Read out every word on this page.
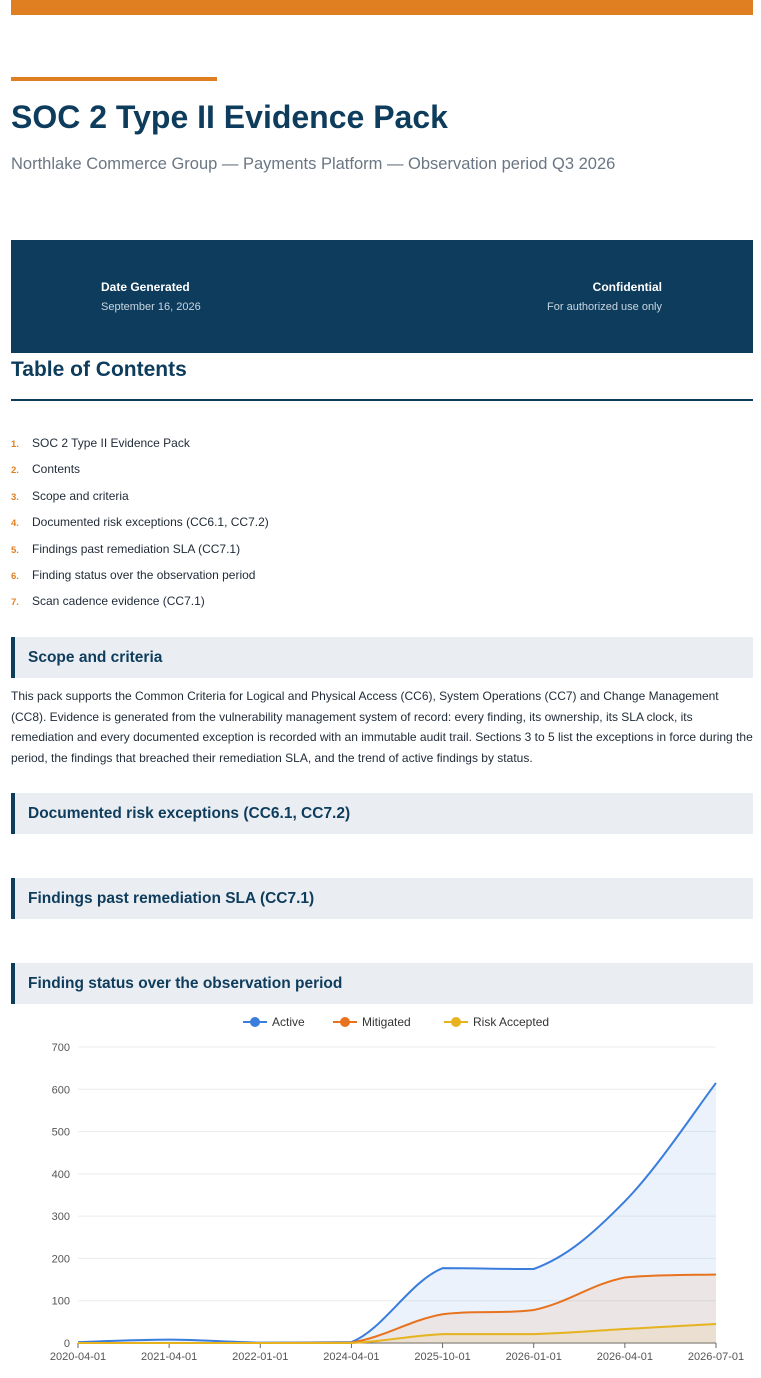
SOC 2 Type II Evidence Pack
Northlake Commerce Group — Payments Platform — Observation period Q3 2026
Date Generated
September 16, 2026
Confidential
For authorized use only
Table of Contents
1. SOC 2 Type II Evidence Pack
2. Contents
3. Scope and criteria
4. Documented risk exceptions (CC6.1, CC7.2)
5. Findings past remediation SLA (CC7.1)
6. Finding status over the observation period
7. Scan cadence evidence (CC7.1)
Scope and criteria

This pack supports the Common Criteria for Logical and Physical Access (CC6), System Operations (CC7) and Change Management (CC8). Evidence is generated from the vulnerability management system of record: every finding, its ownership, its SLA clock, its remediation and every documented exception is recorded with an immutable audit trail. Sections 3 to 5 list the exceptions in force during the period, the findings that breached their remediation SLA, and the trend of active findings by status.

Documented risk exceptions (CC6.1, CC7.2)
Findings past remediation SLA (CC7.1)
Finding status over the observation period
0
100
200
300
400
500
600
700
2020-04-01	2021-04-01	2022-01-01	2024-04-01	2025-10-01	2026-01-01	2026-04-01	2026-07-01
Active	Mitigated	Risk Accepted
